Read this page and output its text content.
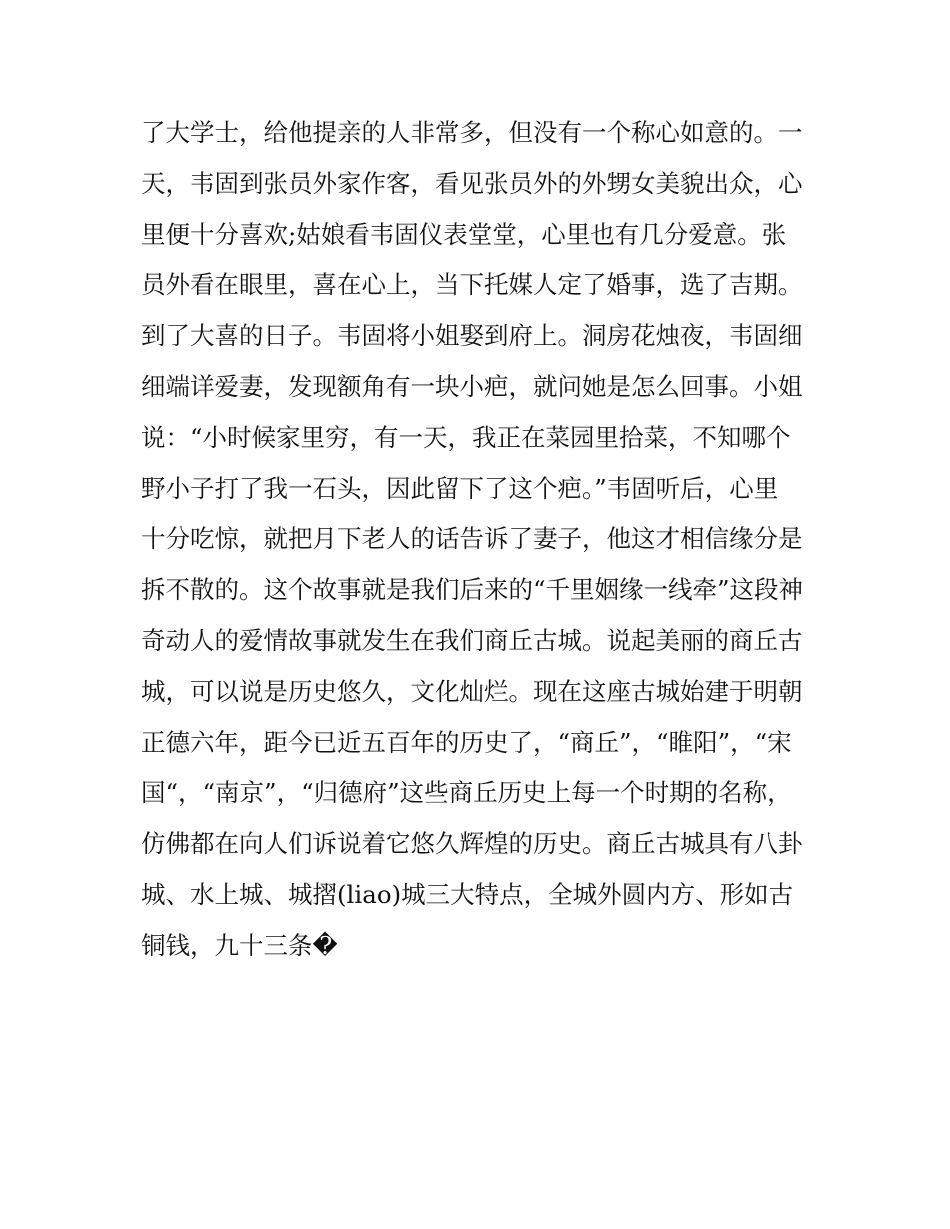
了大学士，给他提亲的人非常多，但没有一个称心如意的。一
天，韦固到张员外家作客，看见张员外的外甥女美貌出众，心
里便十分喜欢;姑娘看韦固仪表堂堂，心里也有几分爱意。张
员外看在眼里，喜在心上，当下托媒人定了婚事，选了吉期。
到了大喜的日子。韦固将小姐娶到府上。洞房花烛夜，韦固细
细端详爱妻，发现额角有一块小疤，就问她是怎么回事。小姐
说：“小时候家里穷，有一天，我正在菜园里拾菜，不知哪个
野小子打了我一石头，因此留下了这个疤。”韦固听后，心里
十分吃惊，就把月下老人的话告诉了妻子，他这才相信缘分是
拆不散的。这个故事就是我们后来的“千里姻缘一线牵”这段神
奇动人的爱情故事就发生在我们商丘古城。说起美丽的商丘古
城，可以说是历史悠久，文化灿烂。现在这座古城始建于明朝
正德六年，距今已近五百年的历史了，“商丘”，“睢阳”，“宋
国“，“南京”，“归德府”这些商丘历史上每一个时期的名称，
仿佛都在向人们诉说着它悠久辉煌的历史。商丘古城具有八卦
城、水上城、城摺(liao)城三大特点，全城外圆内方、形如古
铜钱，九十三条�
